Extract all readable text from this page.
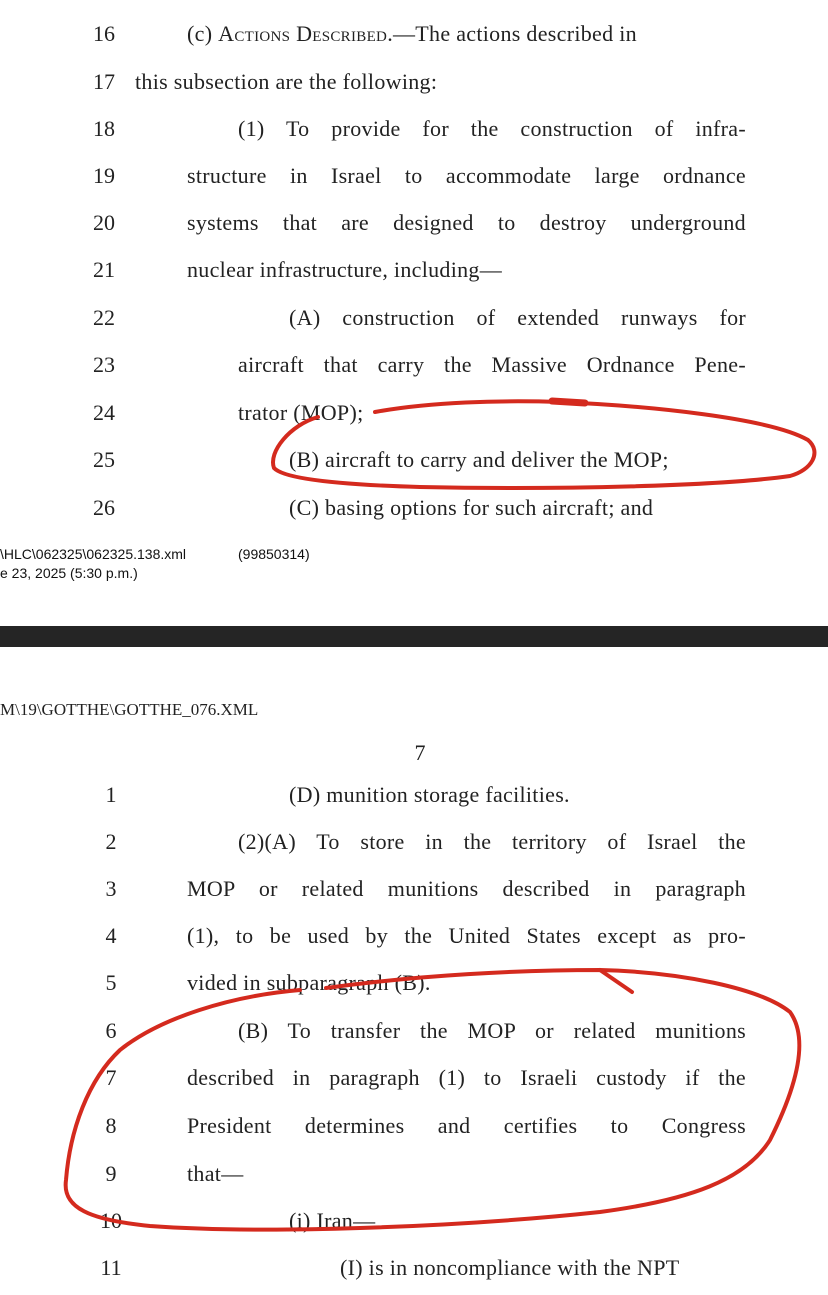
16	(c) Actions Described.—The actions described in
17 this subsection are the following:
18	(1) To provide for the construction of infra-
19	structure in Israel to accommodate large ordnance
20	systems that are designed to destroy underground
21	nuclear infrastructure, including—
22	(A) construction of extended runways for
23	aircraft that carry the Massive Ordnance Pene-
24	trator (MOP);
25	(B) aircraft to carry and deliver the MOP;
26	(C) basing options for such aircraft; and
\HLC\062325\062325.138.xml	(99850314)
e 23, 2025 (5:30 p.m.)
M\19\GOTTHE\GOTTHE_076.XML
7
1	(D) munition storage facilities.
2	(2)(A) To store in the territory of Israel the
3	MOP or related munitions described in paragraph
4	(1), to be used by the United States except as pro-
5	vided in subparagraph (B).
6	(B) To transfer the MOP or related munitions
7	described in paragraph (1) to Israeli custody if the
8	President determines and certifies to Congress
9	that—
10	(i) Iran—
11	(I) is in noncompliance with the NPT
